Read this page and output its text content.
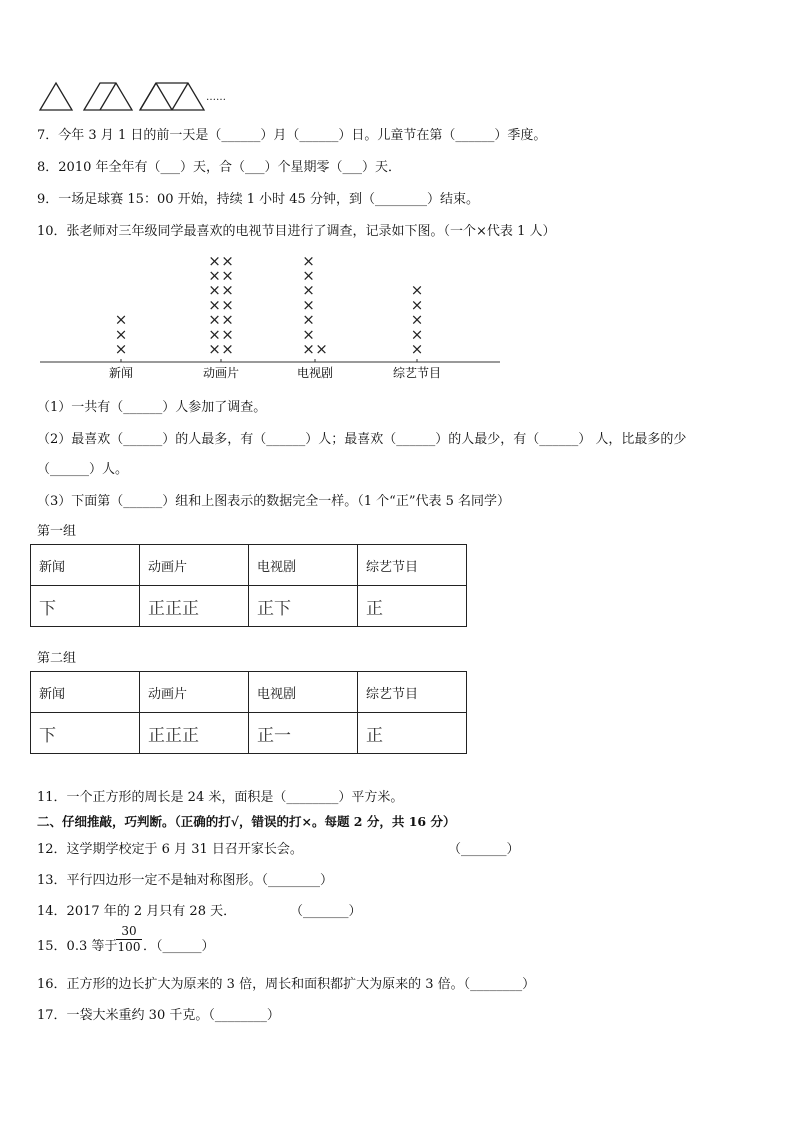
……
7．今年 3 月 1 日的前一天是（______）月（______）日。儿童节在第（______）季度。
8．2010 年全年有（___）天，合（___）个星期零（___）天．
9．一场足球赛 15：00 开始，持续 1 小时 45 分钟，到（________）结束。
10．张老师对三年级同学最喜欢的电视节目进行了调查，记录如下图。（一个×代表 1 人）
×
×
×
新闻
× ×
× ×
× ×
× ×
× ×
× ×
× ×
动画片
×
×
×
×
×
×
×
×
电视剧
×
×
×
×
×
综艺节目
（1）一共有（______）人参加了调查。
（2）最喜欢（______）的人最多，有（______）人；最喜欢（______）的人最少，有（______） 人，比最多的少
（______）人。
（3）下面第（______）组和上图表示的数据完全一样。（1 个“正”代表 5 名同学）
第一组
新闻	动画片	电视剧	综艺节目
下	正正正	正下	正
第二组
新闻	动画片	电视剧	综艺节目
下	正正正	正一	正
11．一个正方形的周长是 24 米，面积是（________）平方米。
二、仔细推敲，巧判断。（正确的打√，错误的打×。每题 2 分，共 16 分）
12．这学期学校定于 6 月 31 日召开家长会。	（_______）
13．平行四边形一定不是轴对称图形。（________）
14．2017 年的 2 月只有 28 天．	（_______）
15．0.3 等于
$\frac{30}{100}$ ．（______）
16．正方形的边长扩大为原来的 3 倍，周长和面积都扩大为原来的 3 倍。（________）
17．一袋大米重约 30 千克。（________）
